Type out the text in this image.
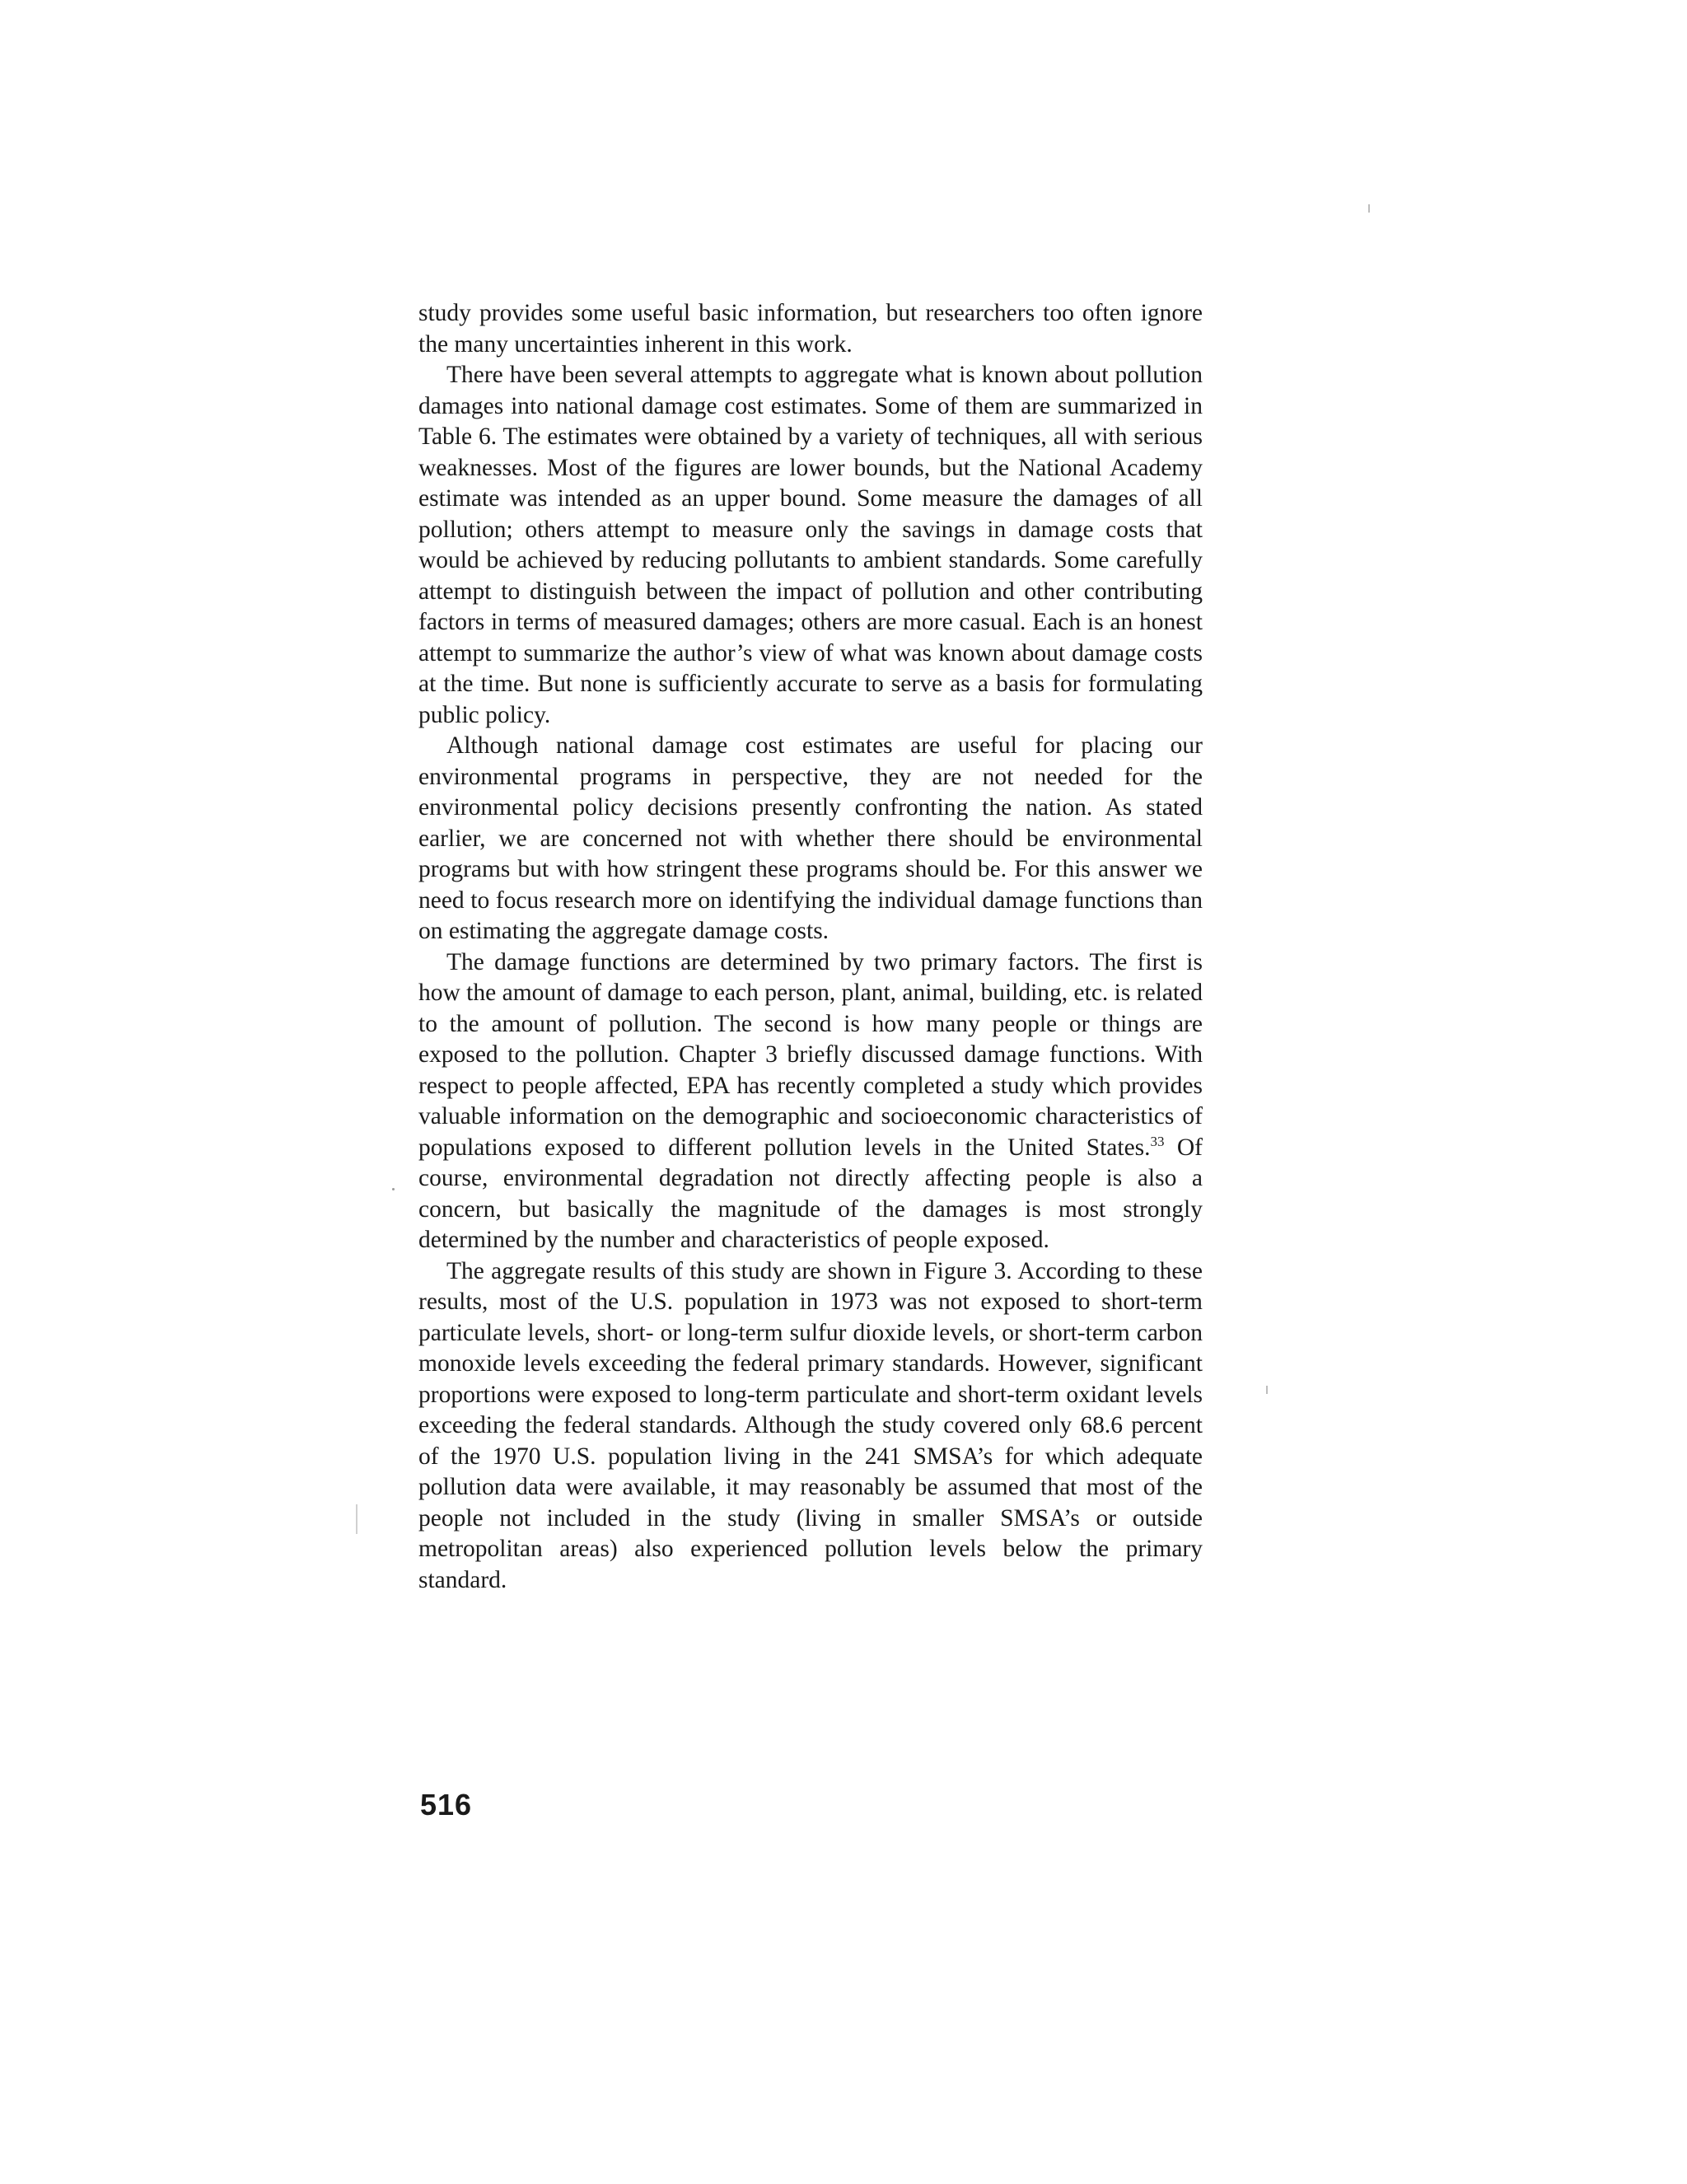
study provides some useful basic information, but researchers too often ignore the many uncertainties inherent in this work.

There have been several attempts to aggregate what is known about pollution damages into national damage cost estimates. Some of them are summarized in Table 6. The estimates were obtained by a variety of techniques, all with serious weaknesses. Most of the figures are lower bounds, but the National Academy estimate was intended as an upper bound. Some measure the damages of all pollution; others attempt to measure only the savings in damage costs that would be achieved by reducing pollutants to ambient standards. Some carefully attempt to distinguish between the impact of pollution and other contributing factors in terms of measured damages; others are more casual. Each is an honest attempt to summarize the author’s view of what was known about damage costs at the time. But none is sufficiently accurate to serve as a basis for formulating public policy.

Although national damage cost estimates are useful for placing our environmental programs in perspective, they are not needed for the environmental policy decisions presently confronting the nation. As stated earlier, we are concerned not with whether there should be environmental programs but with how stringent these programs should be. For this answer we need to focus research more on identifying the individual damage functions than on estimating the aggregate damage costs.

The damage functions are determined by two primary factors. The first is how the amount of damage to each person, plant, animal, building, etc. is related to the amount of pollution. The second is how many people or things are exposed to the pollution. Chapter 3 briefly discussed damage functions. With respect to people affected, EPA has recently completed a study which provides valuable information on the demographic and socioeconomic characteristics of populations exposed to different pollution levels in the United States.$^{33}$ Of course, environmental degradation not directly affecting people is also a concern, but basically the magnitude of the damages is most strongly determined by the number and characteristics of people exposed.

The aggregate results of this study are shown in Figure 3. According to these results, most of the U.S. population in 1973 was not exposed to short-term particulate levels, short- or long-term sulfur dioxide levels, or short-term carbon monoxide levels exceeding the federal primary standards. However, significant proportions were exposed to long-term particulate and short-term oxidant levels exceeding the federal standards. Although the study covered only 68.6 percent of the 1970 U.S. population living in the 241 SMSA’s for which adequate pollution data were available, it may reasonably be assumed that most of the people not included in the study (living in smaller SMSA’s or outside metropolitan areas) also experienced pollution levels below the primary standard.

516
